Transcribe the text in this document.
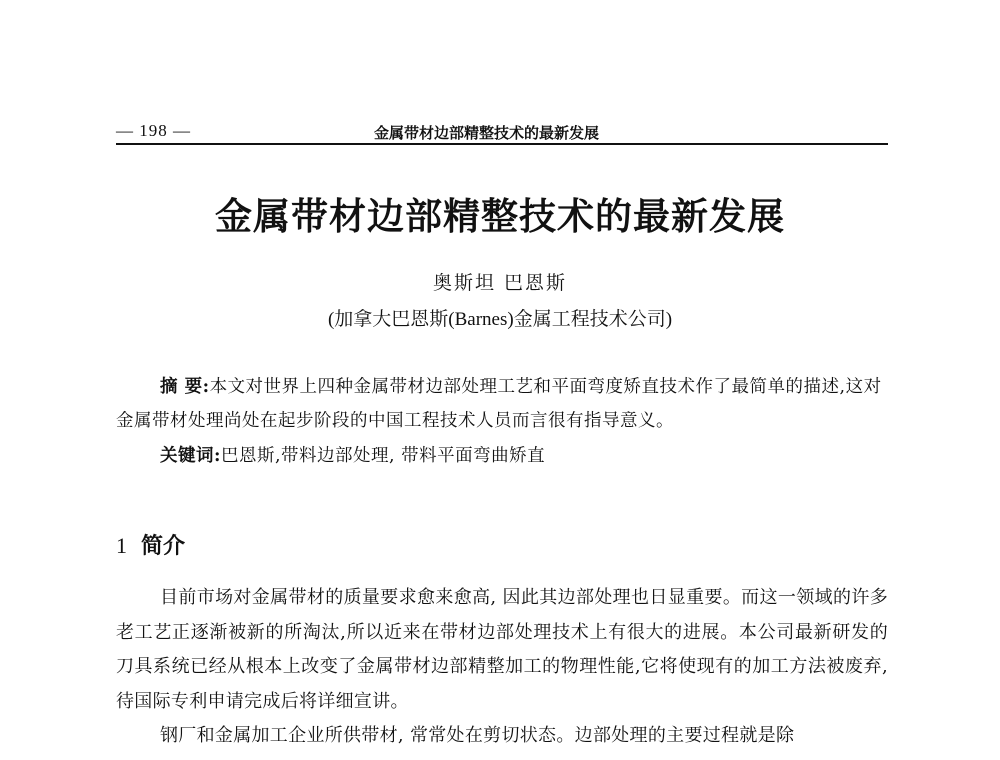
— 198 —	金属带材边部精整技术的最新发展
金属带材边部精整技术的最新发展
奥斯坦 巴恩斯
(加拿大巴恩斯(Barnes)金属工程技术公司)

摘 要:本文对世界上四种金属带材边部处理工艺和平面弯度矫直技术作了最简单的描述,这对金属带材处理尚处在起步阶段的中国工程技术人员而言很有指导意义。

关键词:巴恩斯,带料边部处理, 带料平面弯曲矫直
1 简介

目前市场对金属带材的质量要求愈来愈高, 因此其边部处理也日显重要。而这一领域的许多老工艺正逐渐被新的所淘汰,所以近来在带材边部处理技术上有很大的进展。本公司最新研发的刀具系统已经从根本上改变了金属带材边部精整加工的物理性能,它将使现有的加工方法被废弃,待国际专利申请完成后将详细宣讲。

钢厂和金属加工企业所供带材, 常常处在剪切状态。边部处理的主要过程就是除
